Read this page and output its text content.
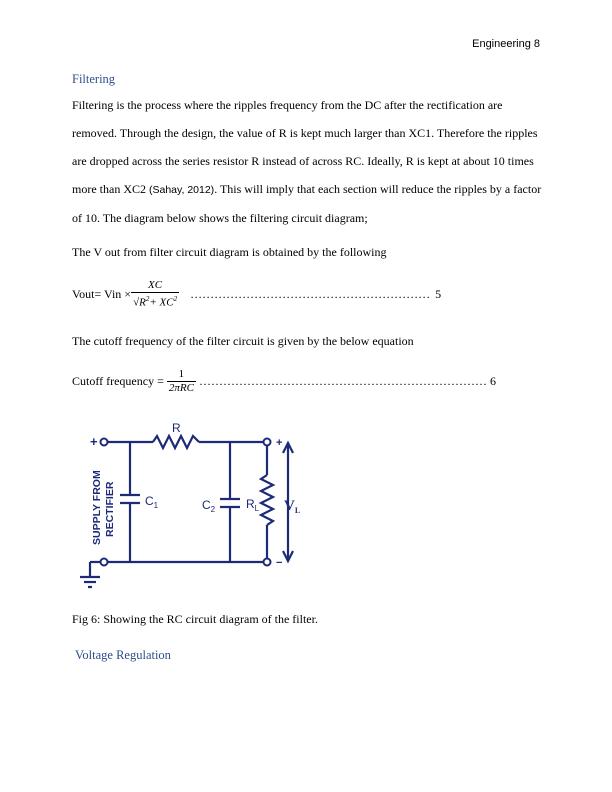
Engineering 8
Filtering
Filtering is the process where the ripples frequency from the DC after the rectification are
removed. Through the design, the value of R is kept much larger than XC1. Therefore the ripples
are dropped across the series resistor R instead of across RC. Ideally, R is kept at about 10 times
more than XC2 (Sahay, 2012). This will imply that each section will reduce the ripples by a factor
of 10. The diagram below shows the filtering circuit diagram;
The V out from filter circuit diagram is obtained by the following
Vout= Vin × $\frac{XC}{√R^2+ XC^2}$ …………………………………………………… 5
The cutoff frequency of the filter circuit is given by the below equation
Cutoff frequency = $\frac{1}{\text{2πRC}}$ ……………………………………………………………… 6
+
−
+
−
R
$C_1$	$C_2$	$R_L$ $V_L$
SUPPLY FROM RECTIFIER
Fig 6: Showing the RC circuit diagram of the filter.
Voltage Regulation
